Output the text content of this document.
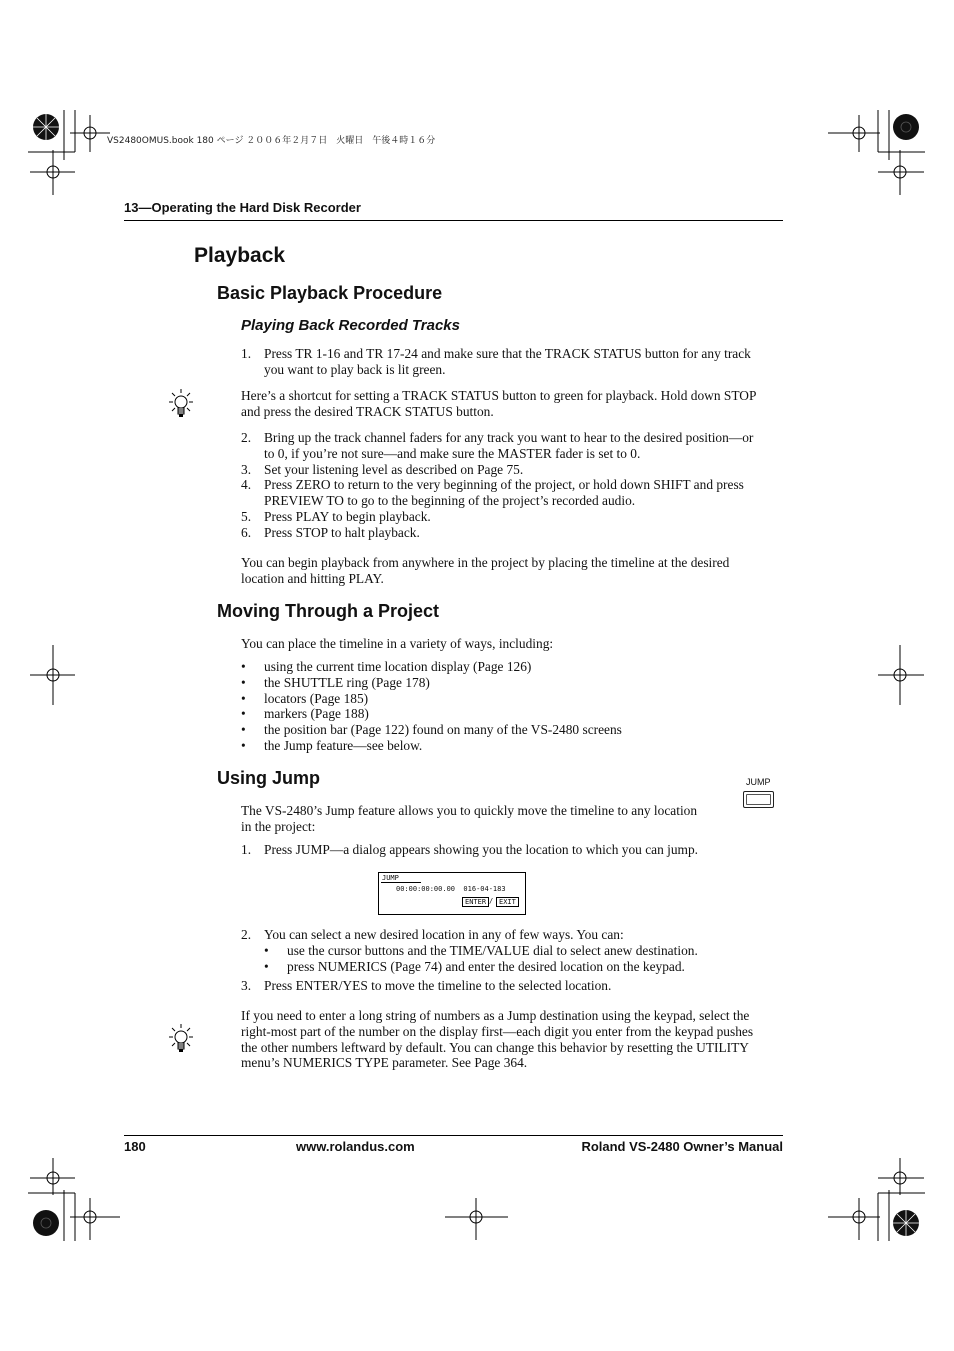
VS2480OMUS.book 180 ページ ２００６年２月７日　火曜日　午後４時１６分
13—Operating the Hard Disk Recorder
Playback
Basic Playback Procedure
Playing Back Recorded Tracks
1. Press TR 1-16 and TR 17-24 and make sure that the TRACK STATUS button for any track you want to play back is lit green.
Here’s a shortcut for setting a TRACK STATUS button to green for playback. Hold down STOP and press the desired TRACK STATUS button.
2. Bring up the track channel faders for any track you want to hear to the desired position—or to 0, if you’re not sure—and make sure the MASTER fader is set to 0.
3. Set your listening level as described on Page 75.
4. Press ZERO to return to the very beginning of the project, or hold down SHIFT and press PREVIEW TO to go to the beginning of the project’s recorded audio.
5. Press PLAY to begin playback.
6. Press STOP to halt playback.
You can begin playback from anywhere in the project by placing the timeline at the desired location and hitting PLAY.
Moving Through a Project
You can place the timeline in a variety of ways, including:
• using the current time location display (Page 126)
• the SHUTTLE ring (Page 178)
• locators (Page 185)
• markers (Page 188)
• the position bar (Page 122) found on many of the VS-2480 screens
• the Jump feature—see below.
Using Jump	JUMP
The VS-2480’s Jump feature allows you to quickly move the timeline to any location in the project:
1. Press JUMP—a dialog appears showing you the location to which you can jump.
JUMP
00:00:00:00.00  016-04-183
ENTER / EXIT
2. You can select a new desired location in any of few ways. You can:
• use the cursor buttons and the TIME/VALUE dial to select anew destination.
• press NUMERICS (Page 74) and enter the desired location on the keypad.
3. Press ENTER/YES to move the timeline to the selected location.
If you need to enter a long string of numbers as a Jump destination using the keypad, select the right-most part of the number on the display first—each digit you enter from the keypad pushes the other numbers leftward by default. You can change this behavior by resetting the UTILITY menu’s NUMERICS TYPE parameter. See Page 364.
180	www.rolandus.com	Roland VS-2480 Owner’s Manual
